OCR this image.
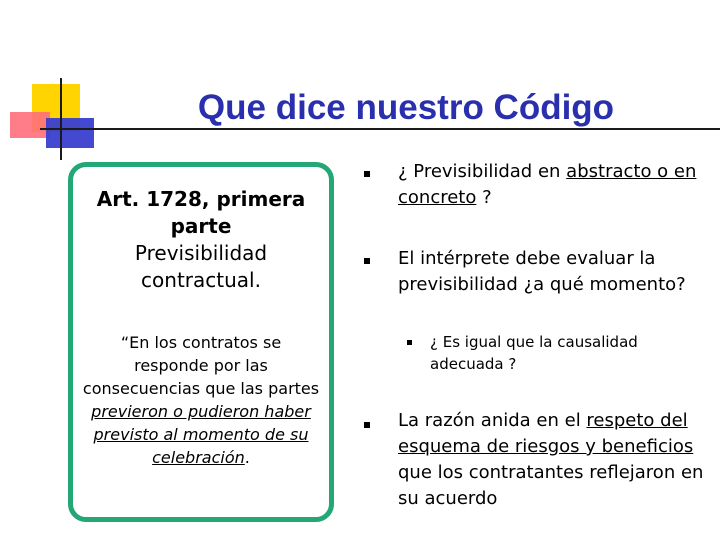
Que dice nuestro Código
Art. 1728, primera parte
Previsibilidad contractual.
“En los contratos se responde por las consecuencias que las partes previeron o pudieron haber previsto al momento de su celebración.
¿ Previsibilidad en abstracto o en concreto ?
El intérprete debe evaluar la previsibilidad ¿a qué momento?
¿ Es igual que la causalidad adecuada ?
La razón anida en el respeto del esquema de riesgos y beneficios que los contratantes reflejaron en su acuerdo
